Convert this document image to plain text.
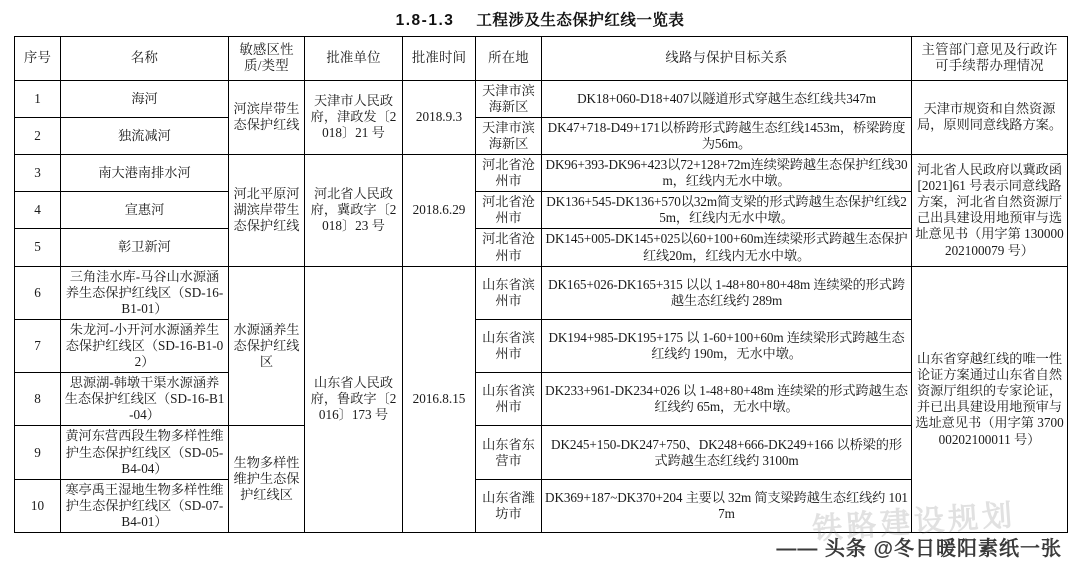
1.8-1.3 工程涉及生态保护红线一览表
序号	名称	敏感区性质/类型	批准单位	批准时间	所在地	线路与保护目标关系	主管部门意见及行政许可手续帮办理情况
1	海河	河滨岸带生态保护红线	天津市人民政府，津政发〔2018〕21 号	2018.9.3	天津市滨海新区	DK18+060-D18+407以隧道形式穿越生态红线共347m	天津市规资和自然资源局，原则同意线路方案。
2	独流减河				天津市滨海新区	DK47+718-D49+171以桥跨形式跨越生态红线1453m，桥梁跨度为56m。	
3	南大港南排水河	河北平原河湖滨岸带生态保护红线	河北省人民政府，冀政字〔2018〕23 号	2018.6.29	河北省沧州市	DK96+393-DK96+423以72+128+72m连续梁跨越生态保护红线30m，红线内无水中墩。	河北省人民政府以冀政函[2021]61 号表示同意线路方案，河北省自然资源厅己出具建设用地预审与选址意见书（用字第 130000202100079 号）
4	宣惠河				河北省沧州市	DK136+545-DK136+570以32m简支梁的形式跨越生态保护红线25m，红线内无水中墩。	
5	彰卫新河				河北省沧州市	DK145+005-DK145+025以60+100+60m连续梁形式跨越生态保护红线20m，红线内无水中墩。	
6	三角洼水库-马谷山水源涵养生态保护红线区（SD-16-B1-01）	水源涵养生态保护红线区	山东省人民政府，鲁政字〔2016〕173 号	2016.8.15	山东省滨州市	DK165+026-DK165+315 以以 1-48+80+80+48m 连续梁的形式跨越生态红线约 289m	山东省穿越红线的唯一性论证方案通过山东省自然资源厅组织的专家论证，并已出具建设用地预审与选址意见书（用字第 370000202100011 号）
7	朱龙河-小开河水源涵养生态保护红线区（SD-16-B1-02）				山东省滨州市	DK194+985-DK195+175 以 1-60+100+60m 连续梁形式跨越生态红线约 190m，无水中墩。	
8	思源湖-韩墩干渠水源涵养生态保护红线区（SD-16-B1-04）				山东省滨州市	DK233+961-DK234+026 以 1-48+80+48m 连续梁的形式跨越生态红线约 65m，无水中墩。	
9	黄河东营西段生物多样性维护生态保护红线区（SD-05-B4-04）	生物多样性维护生态保护红线区			山东省东营市	DK245+150-DK247+750、DK248+666-DK249+166 以桥梁的形式跨越生态红线约 3100m	
10	寒亭禹王湿地生物多样性维护生态保护红线区（SD-07-B4-01）				山东省潍坊市	DK369+187~DK370+204 主要以 32m 简支梁跨越生态红线约 1017m		铁路建设规划
—— 头条 @冬日暖阳素纸一张
